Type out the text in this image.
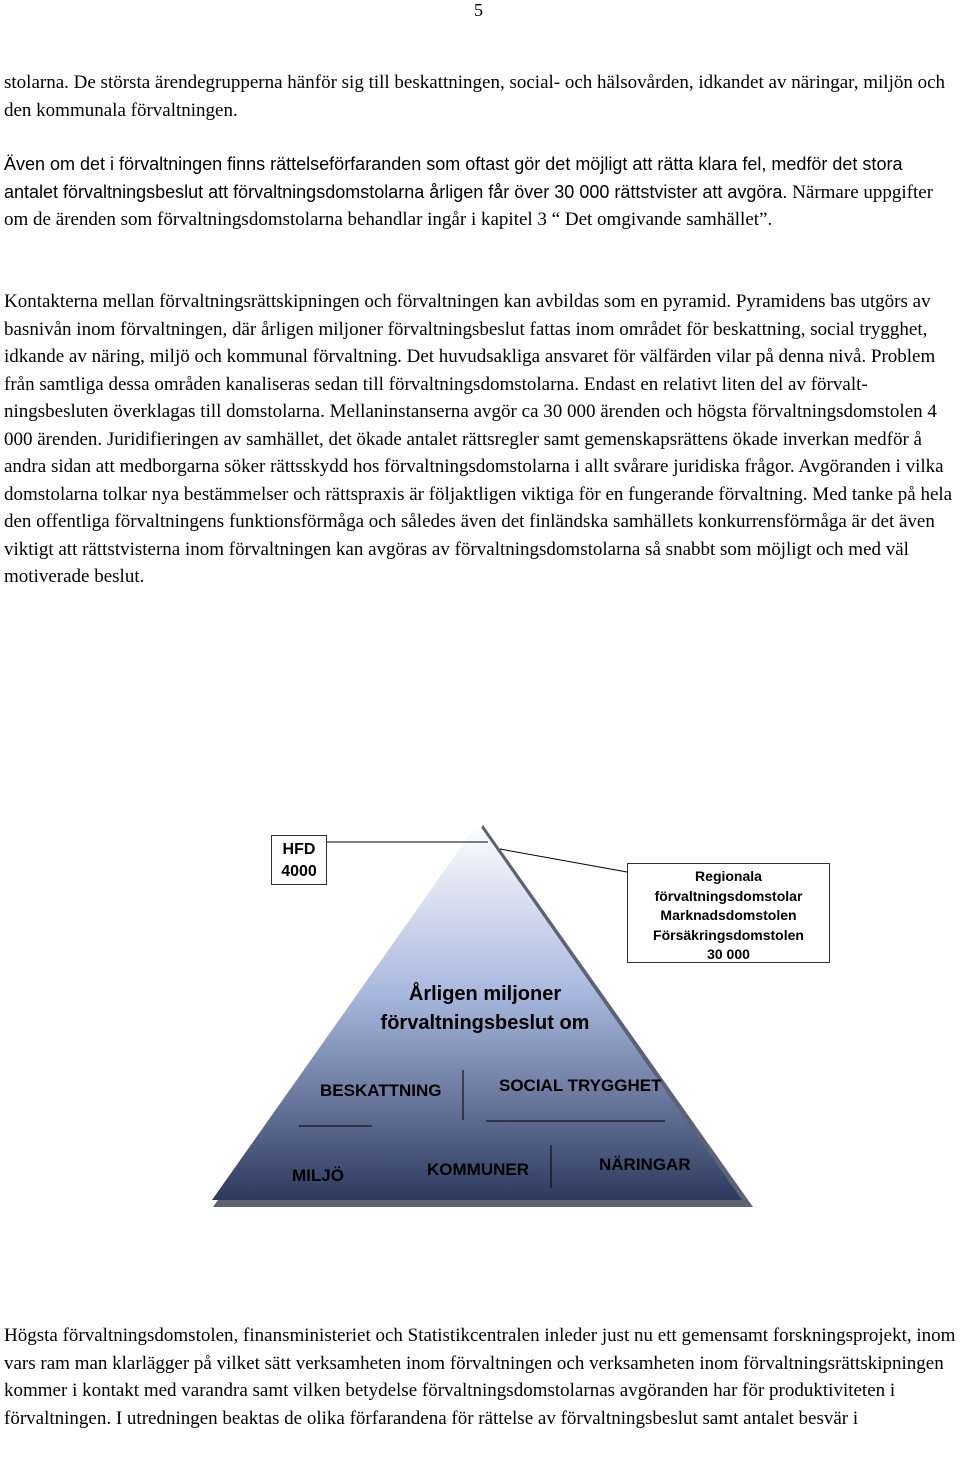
5

stolarna. De största ärendegrupperna hänför sig till beskattningen, social- och hälsovården, idkandet av näringar, miljön och den kommunala förvaltningen.

Även om det i förvaltningen finns rättelseförfaranden som oftast gör det möjligt att rätta klara fel, medför det stora antalet förvaltningsbeslut att förvaltningsdomstolarna årligen får över 30 000 rättstvister att avgöra. Närmare uppgifter om de ärenden som förvaltningsdomstolarna behandlar ingår i kapitel 3 “ Det omgivande samhället”.

Kontakterna mellan förvaltningsrättskipningen och förvaltningen kan avbildas som en pyramid. Pyramidens bas utgörs av basnivån inom förvaltningen, där årligen miljoner förvaltningsbeslut fattas inom området för beskattning, social trygghet, idkande av näring, miljö och kommunal förvaltning. Det huvudsakliga ansvaret för välfärden vilar på denna nivå. Problem från samtliga dessa områden kanaliseras sedan till förvaltningsdomstolarna. Endast en relativt liten del av förvaltningsbesluten överklagas till domstolarna. Mellaninstanserna avgör ca 30 000 ärenden och högsta förvaltningsdomstolen 4 000 ärenden. Juridifieringen av samhället, det ökade antalet rättsregler samt gemenskapsrättens ökade inverkan medför å andra sidan att medborgarna söker rättsskydd hos förvaltningsdomstolarna i allt svårare juridiska frågor. Avgöranden i vilka domstolarna tolkar nya bestämmelser och rättspraxis är följaktligen viktiga för en fungerande förvaltning. Med tanke på hela den offentliga förvaltningens funktionsförmåga och således även det finländska samhällets konkurrensförmåga är det även viktigt att rättstvisterna inom förvaltningen kan avgöras av förvaltningsdomstolarna så snabbt som möjligt och med väl motiverade beslut.

HFD
4000	Regionala
förvaltningsdomstolar
Marknadsdomstolen
Försäkringsdomstolen
30 000
Årligen miljoner
förvaltningsbeslut om
BESKATTNING	SOCIAL TRYGGHET
MILJÖ	KOMMUNER	NÄRINGAR

Högsta förvaltningsdomstolen, finansministeriet och Statistikcentralen inleder just nu ett gemensamt forskningsprojekt, inom vars ram man klarlägger på vilket sätt verksamheten inom förvaltningen och verksamheten inom förvaltningsrättskipningen kommer i kontakt med varandra samt vilken betydelse förvaltningsdomstolarnas avgöranden har för produktiviteten i förvaltningen. I utredningen beaktas de olika förfarandena för rättelse av förvaltningsbeslut samt antalet besvär i
